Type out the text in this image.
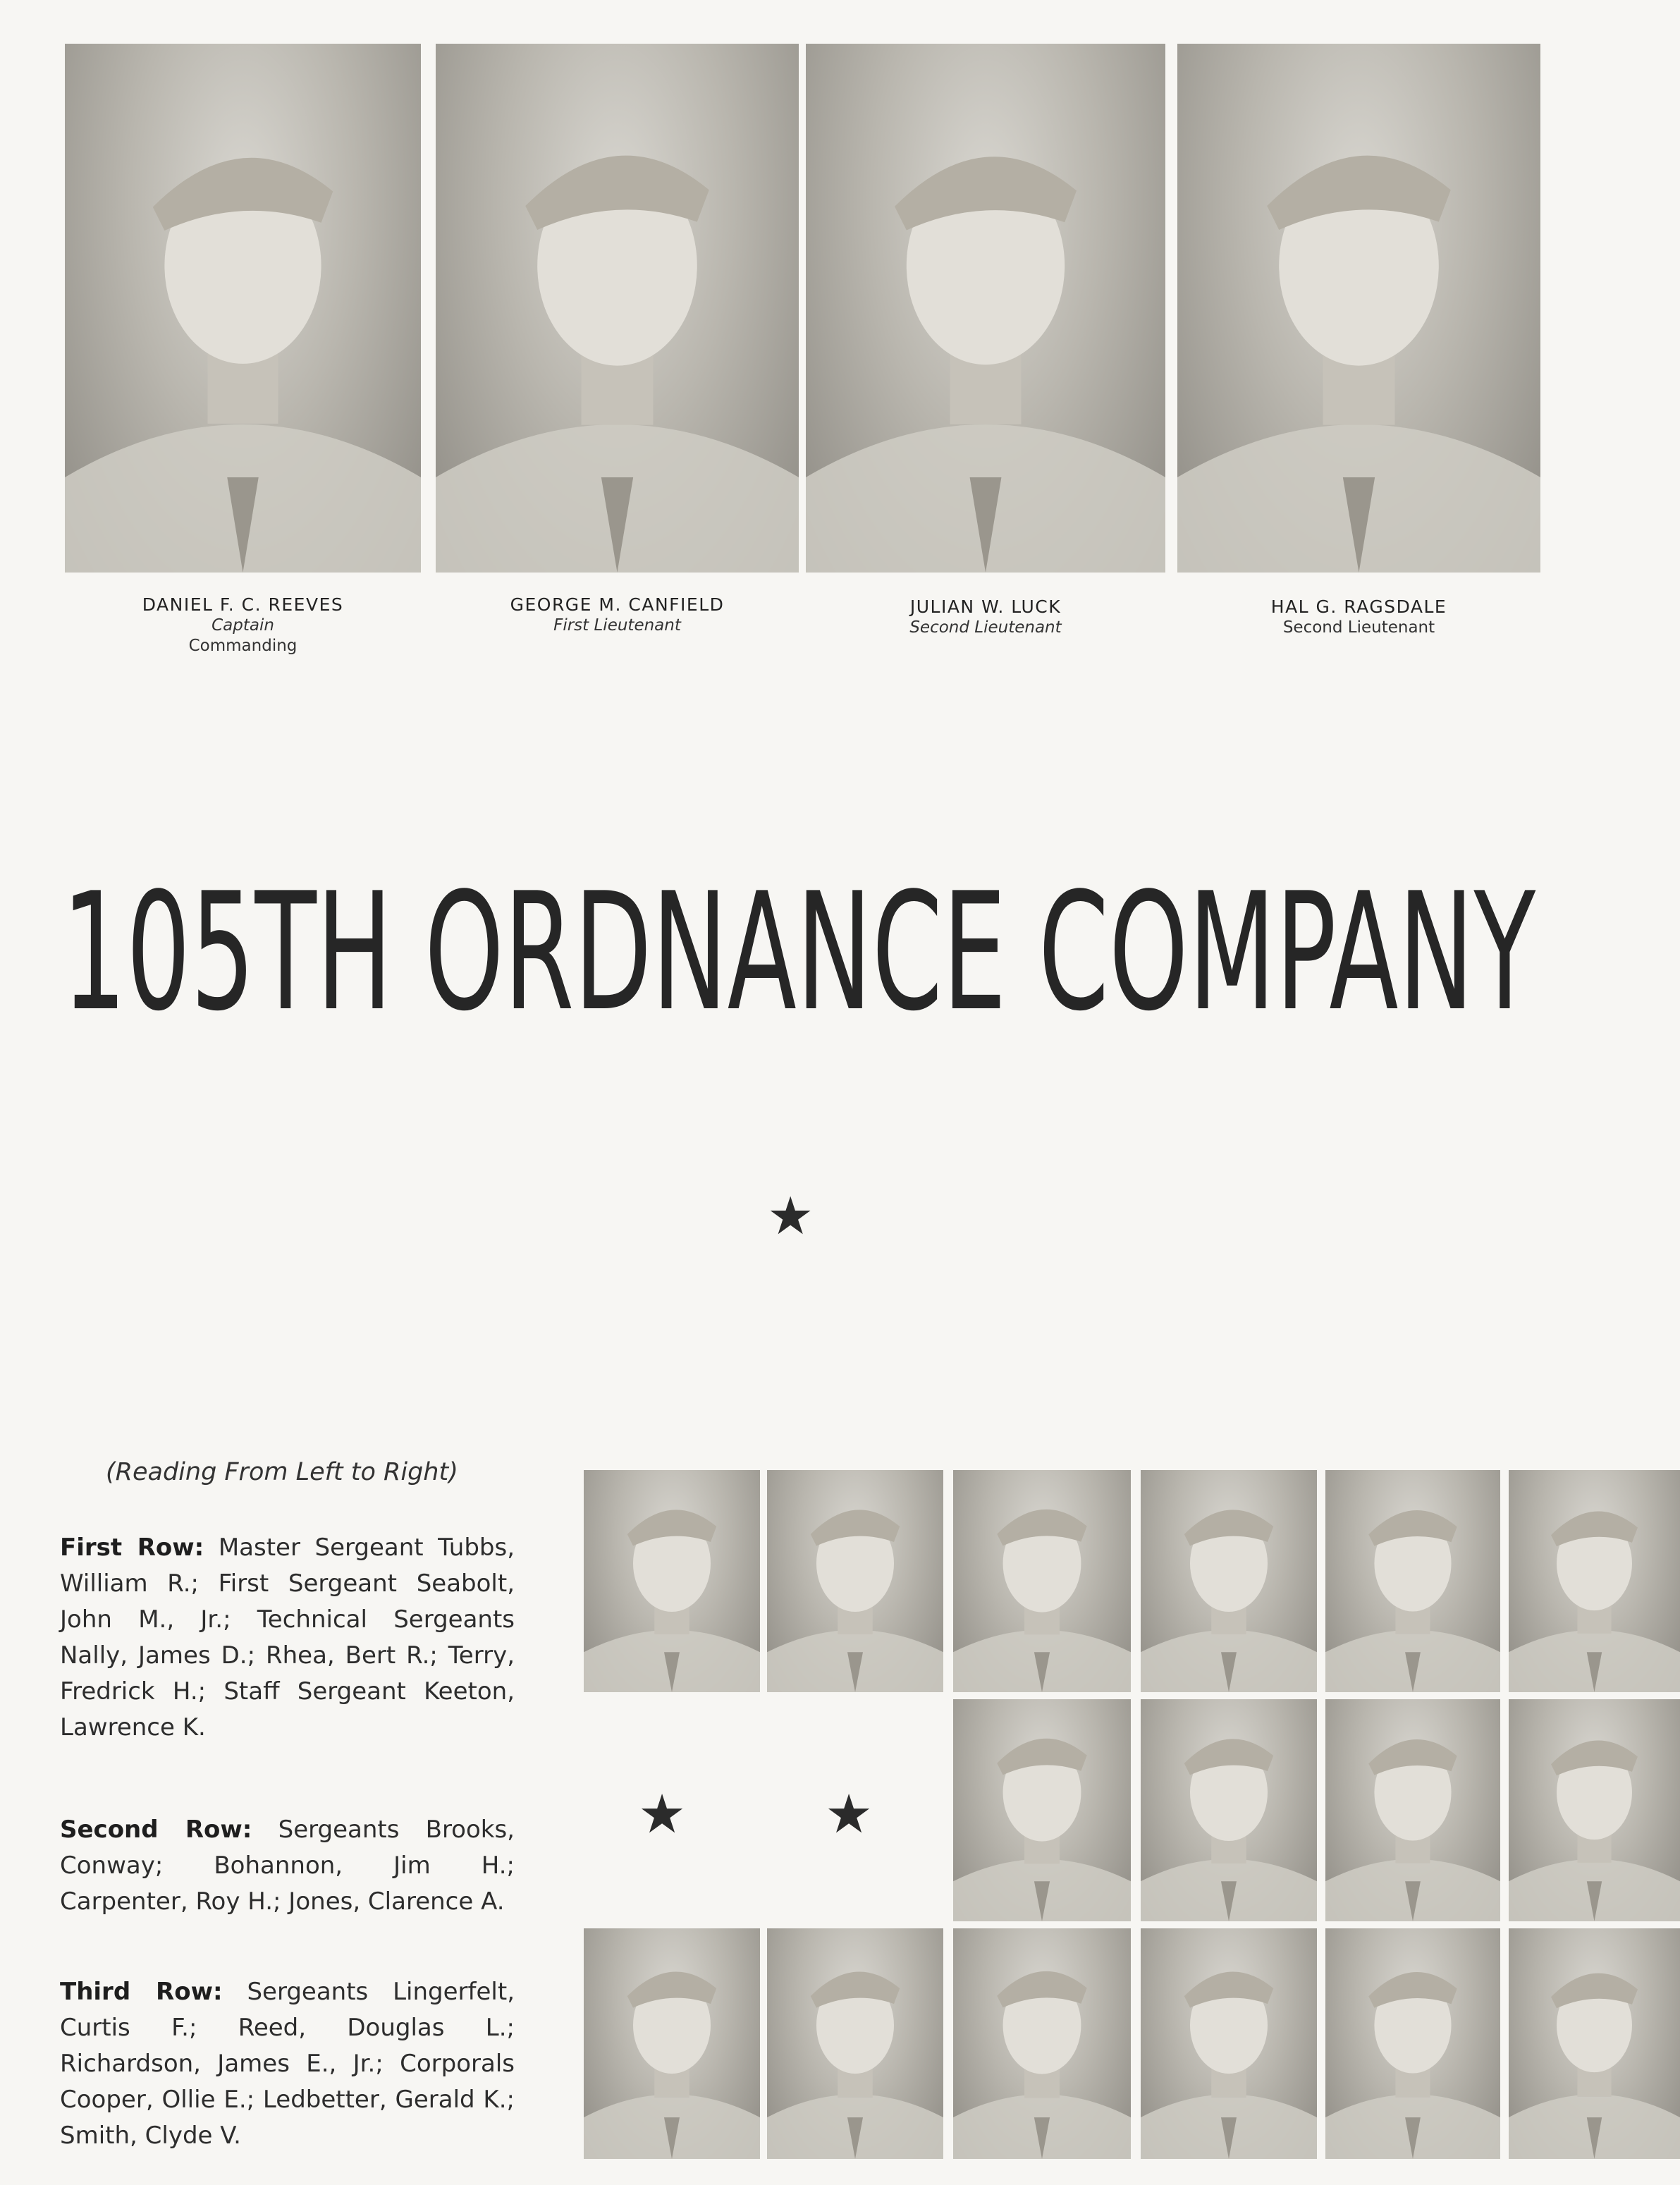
DANIEL F. C. REEVES
Captain
Commanding
GEORGE M. CANFIELD
First Lieutenant
JULIAN W. LUCK
Second Lieutenant
HAL G. RAGSDALE
Second Lieutenant
105TH ORDNANCE COMPANY
★
(Reading From Left to Right)
First Row: Master Sergeant Tubbs, William R.; First Sergeant Seabolt, John M., Jr.; Technical Sergeants Nally, James D.; Rhea, Bert R.; Terry, Fredrick H.; Staff Sergeant Keeton, Lawrence K.
Second Row: Sergeants Brooks, Conway; Bohannon, Jim H.; Carpenter, Roy H.; Jones, Clarence A.
Third Row: Sergeants Lingerfelt, Curtis F.; Reed, Douglas L.; Richardson, James E., Jr.; Corporals Cooper, Ollie E.; Ledbetter, Gerald K.; Smith, Clyde V.
★	★
